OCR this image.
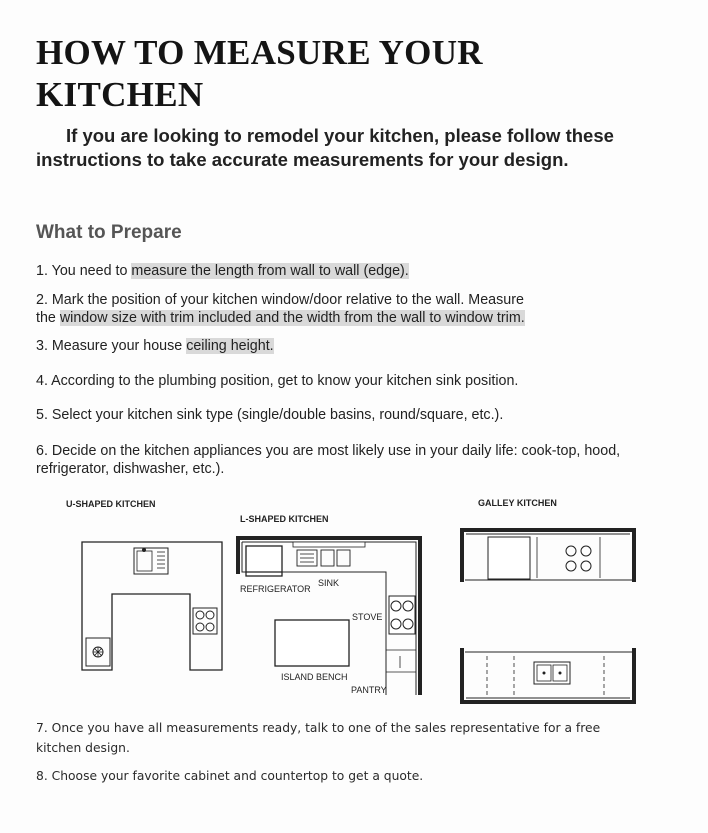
HOW TO MEASURE YOUR
KITCHEN

If you are looking to remodel your kitchen, please follow these instructions to take accurate measurements for your design.

What to Prepare

1. You need to measure the length from wall to wall (edge).

2. Mark the position of your kitchen window/door relative to the wall. Measure
the window size with trim included and the width from the wall to window trim.

3. Measure your house ceiling height.

4. According to the plumbing position, get to know your kitchen sink position.

5. Select your kitchen sink type (single/double basins, round/square, etc.).

6. Decide on the kitchen appliances you are most likely use in your daily life: cook-top, hood, refrigerator, dishwasher, etc.).

U-SHAPED KITCHEN
L-SHAPED KITCHEN
REFRIGERATOR
SINK
STOVE
ISLAND BENCH
PANTRY
GALLEY KITCHEN

7. Once you have all measurements ready, talk to one of the sales representative for a free kitchen design.

8. Choose your favorite cabinet and countertop to get a quote.
